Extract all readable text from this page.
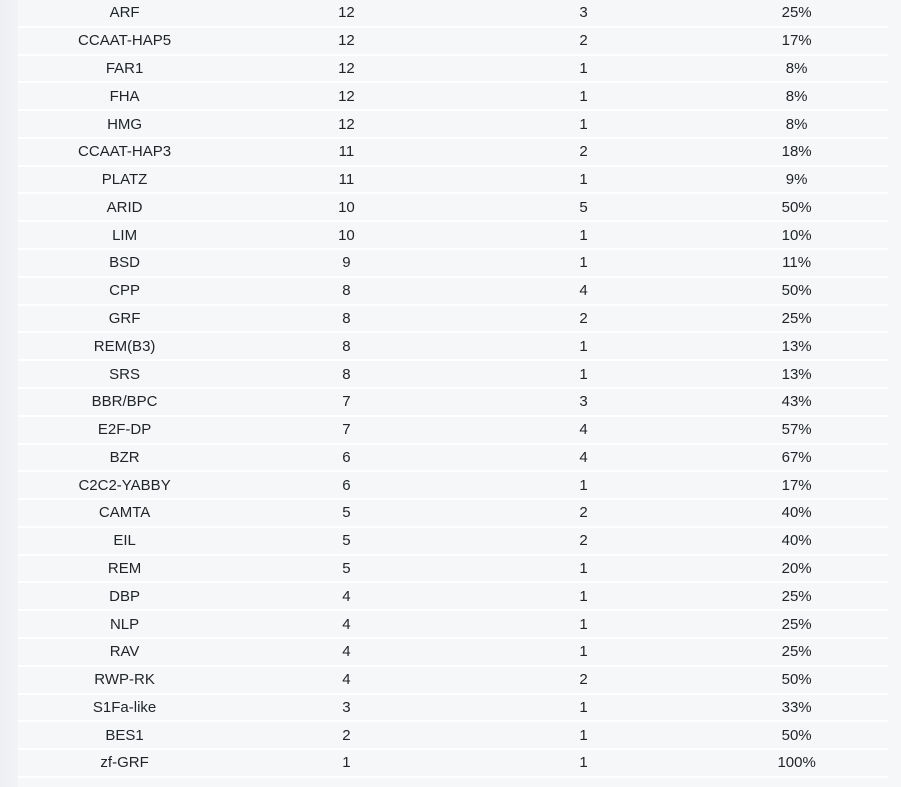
ARF	12	3	25%
CCAAT-HAP5	12	2	17%
FAR1	12	1	8%
FHA	12	1	8%
HMG	12	1	8%
CCAAT-HAP3	11	2	18%
PLATZ	11	1	9%
ARID	10	5	50%
LIM	10	1	10%
BSD	9	1	11%
CPP	8	4	50%
GRF	8	2	25%
REM(B3)	8	1	13%
SRS	8	1	13%
BBR/BPC	7	3	43%
E2F-DP	7	4	57%
BZR	6	4	67%
C2C2-YABBY	6	1	17%
CAMTA	5	2	40%
EIL	5	2	40%
REM	5	1	20%
DBP	4	1	25%
NLP	4	1	25%
RAV	4	1	25%
RWP-RK	4	2	50%
S1Fa-like	3	1	33%
BES1	2	1	50%
zf-GRF	1	1	100%
